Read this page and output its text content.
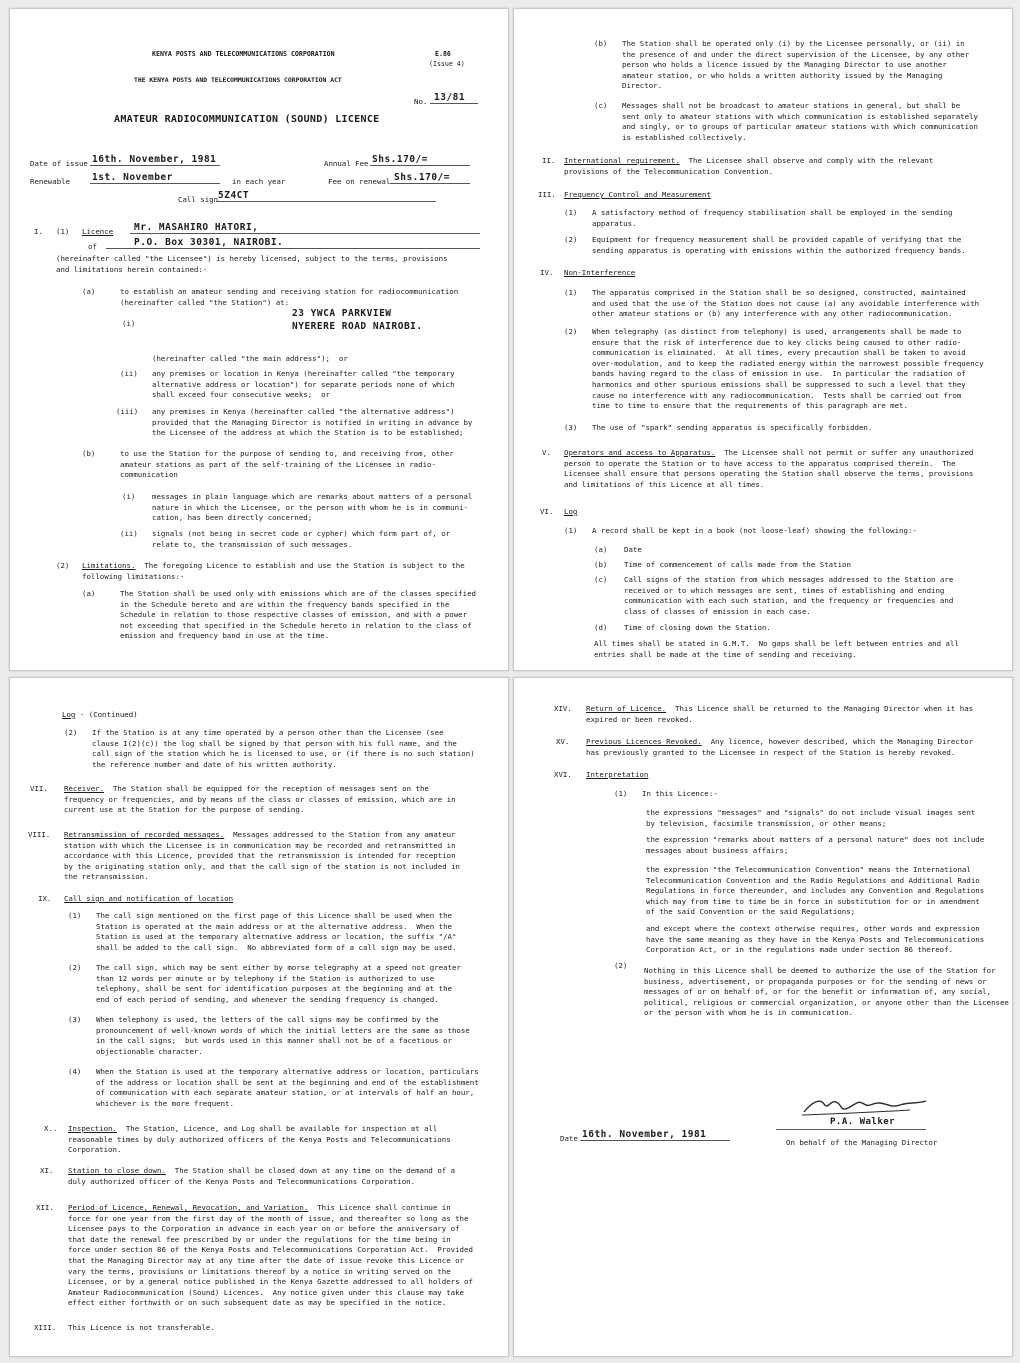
KENYA POSTS AND TELECOMMUNICATIONS CORPORATION	E.86
(Issue 4)
THE KENYA POSTS AND TELECOMMUNICATIONS CORPORATION ACT
No. 13/81
AMATEUR RADIOCOMMUNICATION (SOUND) LICENCE
Date of issue 16th. November, 1981	Annual Fee Shs.170/=
Renewable 1st. November	in each year	Fee on renewal Shs.170/=
Call sign 5Z4CT
I. (1) Licence Mr. MASAHIRO HATORI,
of	P.O. Box 30301, NAIROBI.
(hereinafter called "the Licensee") is hereby licensed, subject to the terms, provisions
and limitations herein contained:-
(a)	to establish an amateur sending and receiving station for radiocommunication
(hereinafter called "the Station") at:
(i)
23 YWCA PARKVIEW
NYERERE ROAD NAIROBI.
(hereinafter called "the main address");  or
(ii) any premises or location in Kenya (hereinafter called "the temporary
alternative address or location") for separate periods none of which
shall exceed four consecutive weeks;  or
(iii) any premises in Kenya (hereinafter called "the alternative address")
provided that the Managing Director is notified in writing in advance by
the Licensee of the address at which the Station is to be established;
(b)	to use the Station for the purpose of sending to, and receiving from, other
amateur stations as part of the self-training of the Licensee in radio-
communication
(i) messages in plain language which are remarks about matters of a personal
nature in which the Licensee, or the person with whom he is in communi-
cation, has been directly concerned;
(ii) signals (not being in secret code or cypher) which form part of, or
relate to, the transmission of such messages.
(2) Limitations.  The foregoing Licence to establish and use the Station is subject to the
following limitations:-
(a)	The Station shall be used only with emissions which are of the classes specified
in the Schedule hereto and are within the frequency bands specified in the
Schedule in relation to those respective classes of emission, and with a power
not exceeding that specified in the Schedule hereto in relation to the class of
emission and frequency band in use at the time.
(b) The Station shall be operated only (i) by the Licensee personally, or (ii) in
the presence of and under the direct supervision of the Licensee, by any other
person who holds a licence issued by the Managing Director to use another
amateur station, or who holds a written authority issued by the Managing
Director.
(c) Messages shall not be broadcast to amateur stations in general, but shall be
sent only to amateur stations with which communication is established separately
and singly, or to groups of particular amateur stations with which communication
is established collectively.
II. International requirement.  The Licensee shall observe and comply with the relevant
provisions of the Telecommunication Convention.
III. Frequency Control and Measurement
(1) A satisfactory method of frequency stabilisation shall be employed in the sending
apparatus.
(2) Equipment for frequency measurement shall be provided capable of verifying that the
sending apparatus is operating with emissions within the authorized frequency bands.
IV. Non-Interference
(1) The apparatus comprised in the Station shall be so designed, constructed, maintained
and used that the use of the Station does not cause (a) any avoidable interference with
other amateur stations or (b) any interference with any other radiocommunication.
(2) When telegraphy (as distinct from telephony) is used, arrangements shall be made to
ensure that the risk of interference due to key clicks being caused to other radio-
communication is eliminated.  At all times, every precaution shall be taken to avoid
over-modulation, and to keep the radiated energy within the narrowest possible frequency
bands having regard to the class of emission in use.  In particular the radiation of
harmonics and other spurious emissions shall be suppressed to such a level that they
cause no interference with any radiocommunication.  Tests shall be carried out from
time to time to ensure that the requirements of this paragraph are met.
(3) The use of "spark" sending apparatus is specifically forbidden.
V. Operators and access to Apparatus.  The Licensee shall not permit or suffer any unauthorized
person to operate the Station or to have access to the apparatus comprised therein.  The
Licensee shall ensure that persons operating the Station shall observe the terms, provisions
and limitations of this Licence at all times.
VI. Log
(1) A record shall be kept in a book (not loose-leaf) showing the following:-
(a) Date
(b) Time of commencement of calls made from the Station
(c) Call signs of the station from which messages addressed to the Station are
received or to which messages are sent, times of establishing and ending
communication with each such station, and the frequency or frequencies and
class of classes of emission in each case.
(d) Time of closing down the Station.
All times shall be stated in G.M.T.  No gaps shall be left between entries and all
entries shall be made at the time of sending and receiving.
Log - (Continued)
(2) If the Station is at any time operated by a person other than the Licensee (see
clause I(2)(c)) the log shall be signed by that person with his full name, and the
call sign of the station which he is licensed to use, or (if there is no such station)
the reference number and date of his written authority.
VII. Receiver.  The Station shall be equipped for the reception of messages sent on the
frequency or frequencies, and by means of the class or classes of emission, which are in
current use at the Station for the purpose of sending.
VIII. Retransmission of recorded messages.  Messages addressed to the Station from any amateur
station with which the Licensee is in communication may be recorded and retransmitted in
accordance with this Licence, provided that the retransmission is intended for reception
by the originating station only, and that the call sign of the station is not included in
the retransmission.
IX. Call sign and notification of location
(1) The call sign mentioned on the first page of this Licence shall be used when the
Station is operated at the main address or at the alternative address.  When the
Station is used at the temporary alternative address or location, the suffix "/A"
shall be added to the call sign.  No abbreviated form of a call sign may be used.
(2) The call sign, which may be sent either by morse telegraphy at a speed not greater
than 12 words per minute or by telephony if the Station is authorized to use
telephony, shall be sent for identification purposes at the beginning and at the
end of each period of sending, and whenever the sending frequency is changed.
(3) When telephony is used, the letters of the call signs may be confirmed by the
pronouncement of well-known words of which the initial letters are the same as those
in the call signs;  but words used in this manner shall not be of a facetious or
objectionable character.
(4) When the Station is used at the temporary alternative address or location, particulars
of the address or location shall be sent at the beginning and end of the establishment
of communication with each separate amateur station, or at intervals of half an hour,
whichever is the more frequent.
X.. Inspection.  The Station, Licence, and Log shall be available for inspection at all
reasonable times by duly authorized officers of the Kenya Posts and Telecommunications
Corporation.
XI. Station to close down.  The Station shall be closed down at any time on the demand of a
duly authorized officer of the Kenya Posts and Telecommunications Corporation.
XII. Period of Licence, Renewal, Revocation, and Variation.  This Licence shall continue in
force for one year from the first day of the month of issue, and thereafter so long as the
Licensee pays to the Corporation in advance in each year on or before the anniversary of
that date the renewal fee prescribed by or under the regulations for the time being in
force under section 86 of the Kenya Posts and Telecommunications Corporation Act.  Provided
that the Managing Director may at any time after the date of issue revoke this Licence or
vary the terms, provisions or limitations thereof by a notice in writing served on the
Licensee, or by a general notice published in the Kenya Gazette addressed to all holders of
Amateur Radiocommunication (Sound) Licences.  Any notice given under this clause may take
effect either forthwith or on such subsequent date as may be specified in the notice.
XIII. This Licence is not transferable.
XIV. Return of Licence.  This Licence shall be returned to the Managing Director when it has
expired or been revoked.
XV. Previous Licences Revoked.  Any licence, however described, which the Managing Director
has previously granted to the Licensee in respect of the Station is hereby revoked.
XVI. Interpretation
(1) In this Licence:-
the expressions "messages" and "signals" do not include visual images sent
by television, facsimile transmission, or other means;
the expression "remarks about matters of a personal nature" does not include
messages about business affairs;
the expression "the Telecommunication Convention" means the International
Telecommunication Convention and the Radio Regulations and Additional Radio
Regulations in force thereunder, and includes any Convention and Regulations
which may from time to time be in force in substitution for or in amendment
of the said Convention or the said Regulations;
and except where the context otherwise requires, other words and expression
have the same meaning as they have in the Kenya Posts and Telecommunications
Corporation Act, or in the regulations made under section 86 thereof.
(2)
Nothing in this Licence shall be deemed to authorize the use of the Station for
business, advertisement, or propaganda purposes or for the sending of news or
messages of or on behalf of, or for the benefit or information of, any social,
political, religious or commercial organization, or anyone other than the Licensee
or the person with whom he is in communication.
P.A. Walker
On behalf of the Managing Director
Date 16th. November, 1981
